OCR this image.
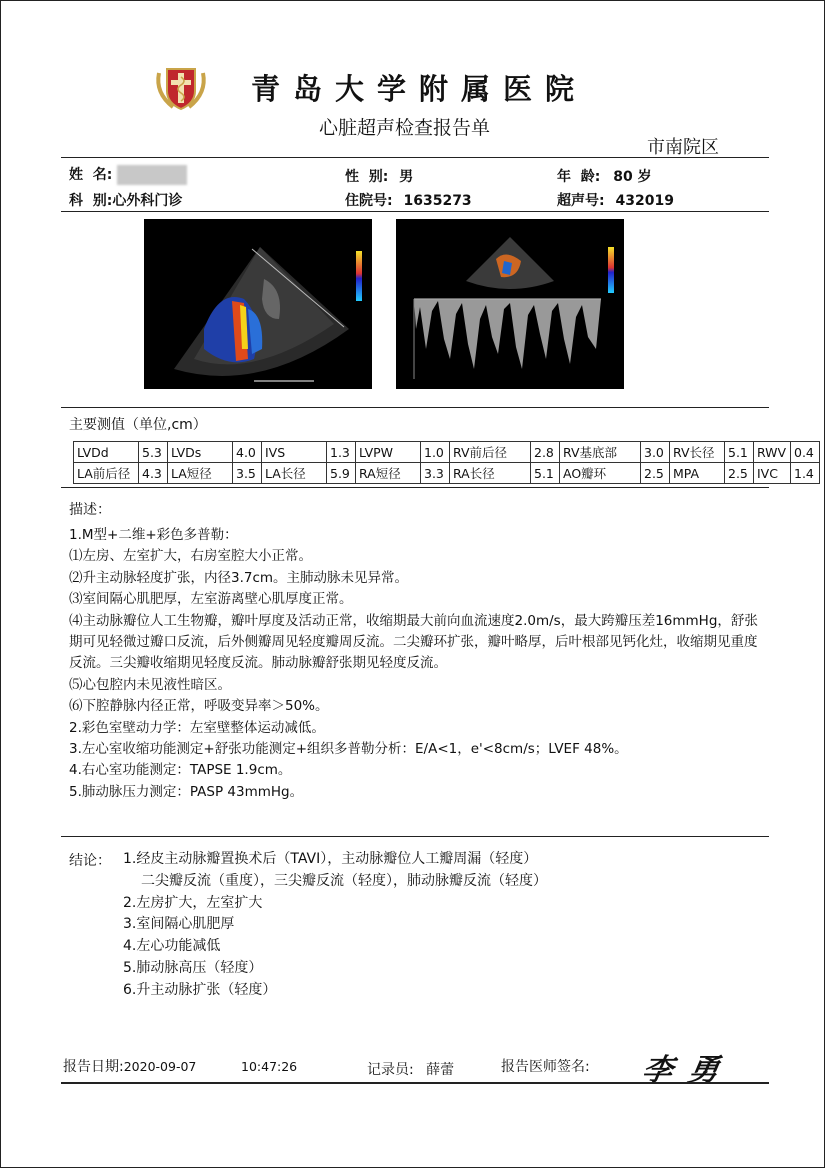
青岛大学附属医院
心脏超声检查报告单
市南院区
姓  名:	性  别: 男	年  龄: 80 岁
科  别:心外科门诊	住院号: 1635273	超声号: 432019
主要测值（单位,cm）
LVDd	5.3	LVDs	4.0	IVS	1.3	LVPW	1.0	RV前后径	2.8	RV基底部	3.0	RV长径	5.1	RWV	0.4
LA前后径	4.3	LA短径	3.5	LA长径	5.9	RA短径	3.3	RA长径	5.1	AO瓣环	2.5	MPA	2.5	IVC	1.4
描述：
1.M型+二维+彩色多普勒：
⑴左房、左室扩大，右房室腔大小正常。
⑵升主动脉轻度扩张，内径3.7cm。主肺动脉未见异常。
⑶室间隔心肌肥厚，左室游离壁心肌厚度正常。
⑷主动脉瓣位人工生物瓣，瓣叶厚度及活动正常，收缩期最大前向血流速度2.0m/s，最大跨瓣压差16mmHg，舒张期可见轻微过瓣口反流，后外侧瓣周见轻度瓣周反流。二尖瓣环扩张，瓣叶略厚，后叶根部见钙化灶，收缩期见重度反流。三尖瓣收缩期见轻度反流。肺动脉瓣舒张期见轻度反流。
⑸心包腔内未见液性暗区。
⑹下腔静脉内径正常，呼吸变异率＞50%。
2.彩色室壁动力学：左室壁整体运动减低。
3.左心室收缩功能测定+舒张功能测定+组织多普勒分析：E/A<1，e'<8cm/s；LVEF 48%。
4.右心室功能测定：TAPSE 1.9cm。
5.肺动脉压力测定：PASP 43mmHg。
结论： 1.经皮主动脉瓣置换术后（TAVI），主动脉瓣位人工瓣周漏（轻度）
二尖瓣反流（重度），三尖瓣反流（轻度），肺动脉瓣反流（轻度）
2.左房扩大，左室扩大
3.室间隔心肌肥厚
4.左心功能减低
5.肺动脉高压（轻度）
6.升主动脉扩张（轻度）
报告日期:2020-09-07	10:47:26	记录员: 薛蕾	报告医师签名: 李勇
